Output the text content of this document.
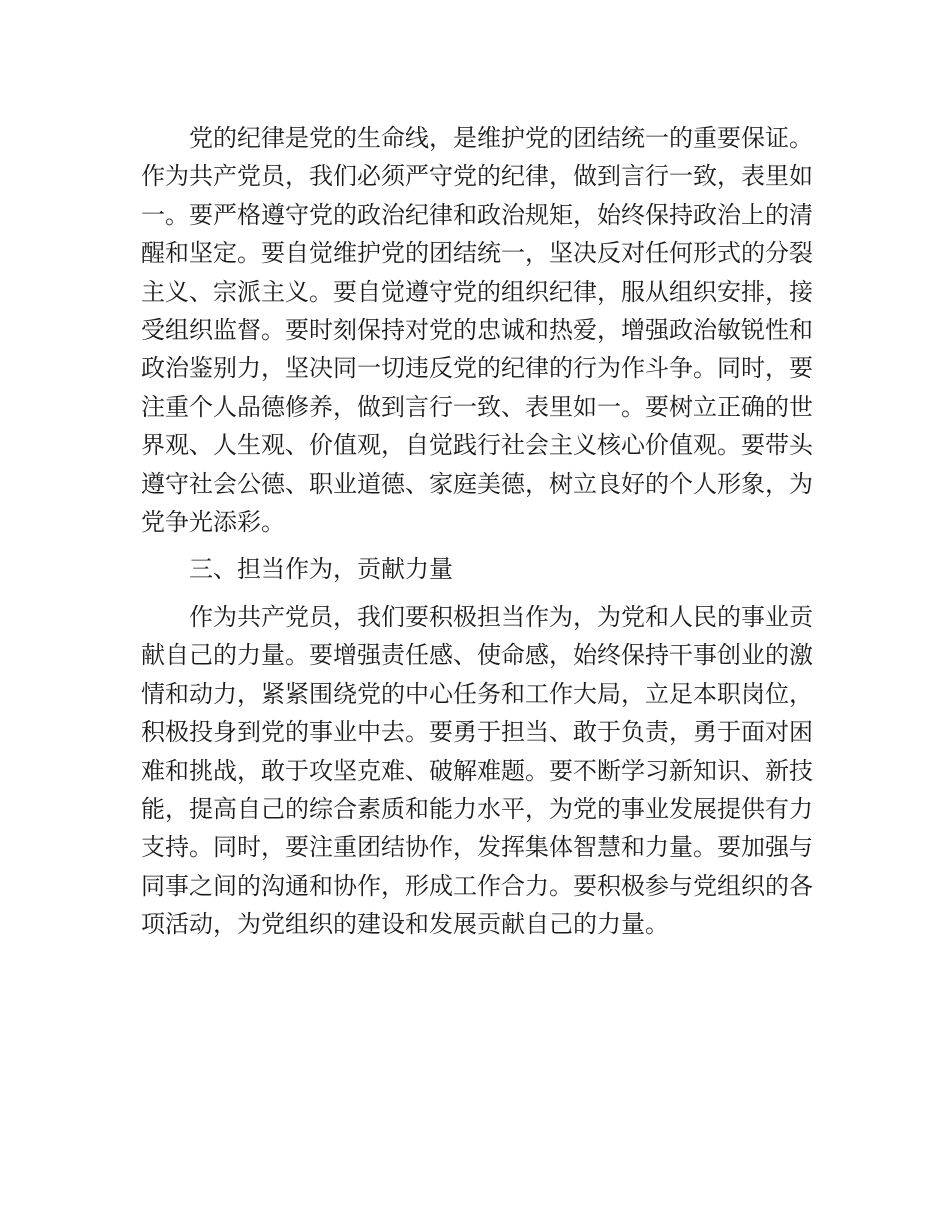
党的纪律是党的生命线，是维护党的团结统一的重要保证。作为共产党员，我们必须严守党的纪律，做到言行一致，表里如一。要严格遵守党的政治纪律和政治规矩，始终保持政治上的清醒和坚定。要自觉维护党的团结统一，坚决反对任何形式的分裂主义、宗派主义。要自觉遵守党的组织纪律，服从组织安排，接受组织监督。要时刻保持对党的忠诚和热爱，增强政治敏锐性和政治鉴别力，坚决同一切违反党的纪律的行为作斗争。同时，要注重个人品德修养，做到言行一致、表里如一。要树立正确的世界观、人生观、价值观，自觉践行社会主义核心价值观。要带头遵守社会公德、职业道德、家庭美德，树立良好的个人形象，为党争光添彩。

三、担当作为，贡献力量

作为共产党员，我们要积极担当作为，为党和人民的事业贡献自己的力量。要增强责任感、使命感，始终保持干事创业的激情和动力，紧紧围绕党的中心任务和工作大局，立足本职岗位，积极投身到党的事业中去。要勇于担当、敢于负责，勇于面对困难和挑战，敢于攻坚克难、破解难题。要不断学习新知识、新技能，提高自己的综合素质和能力水平，为党的事业发展提供有力支持。同时，要注重团结协作，发挥集体智慧和力量。要加强与同事之间的沟通和协作，形成工作合力。要积极参与党组织的各项活动，为党组织的建设和发展贡献自己的力量。
